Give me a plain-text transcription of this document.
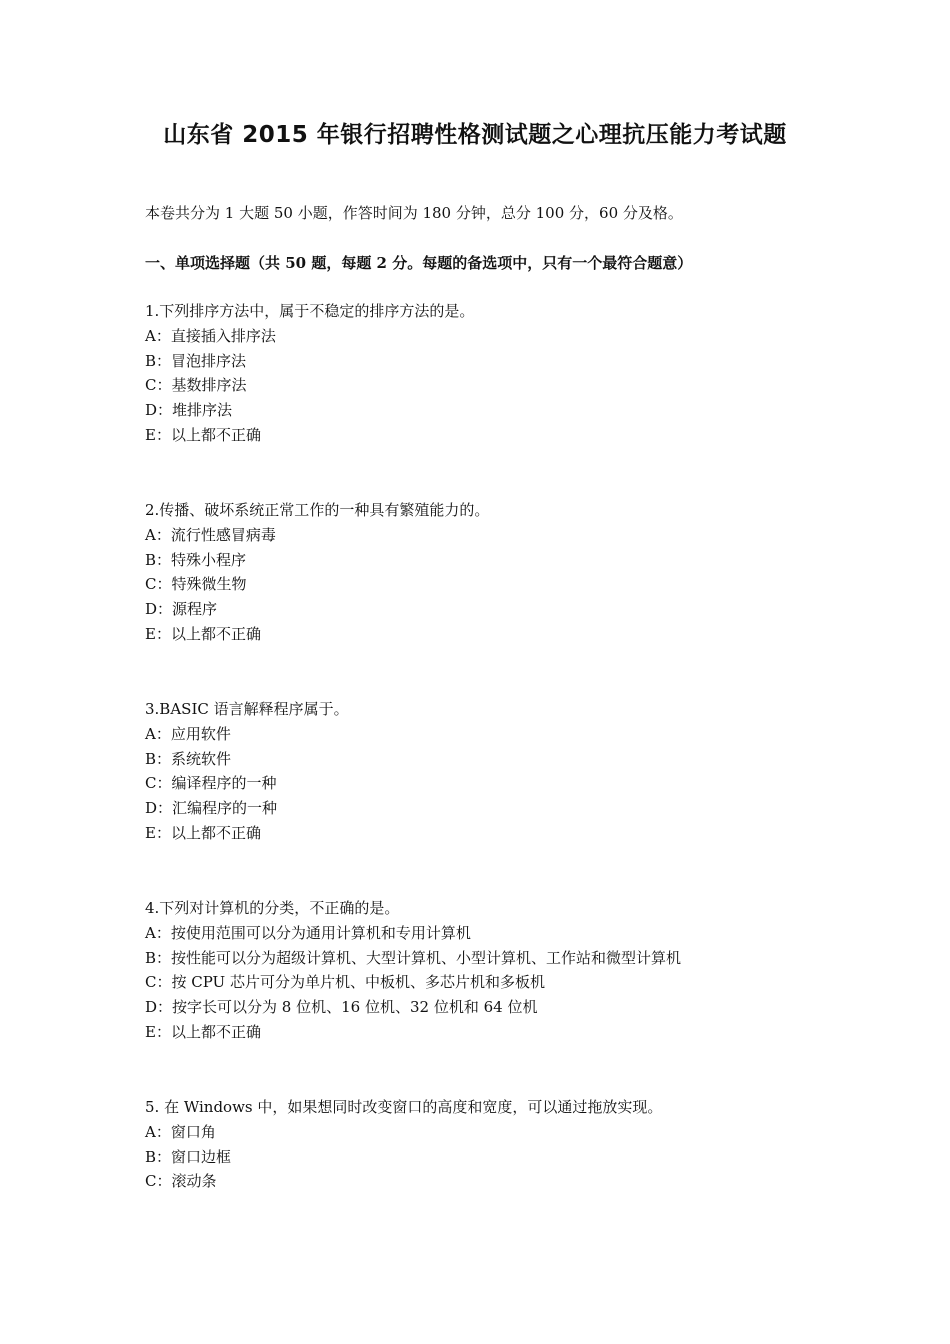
山东省 2015 年银行招聘性格测试题之心理抗压能力考试题
本卷共分为 1 大题 50 小题，作答时间为 180 分钟，总分 100 分，60 分及格。
一、单项选择题（共 50 题，每题 2 分。每题的备选项中，只有一个最符合题意）
1.下列排序方法中，属于不稳定的排序方法的是。
A：直接插入排序法
B：冒泡排序法
C：基数排序法
D：堆排序法
E：以上都不正确
2.传播、破坏系统正常工作的一种具有繁殖能力的。
A：流行性感冒病毒
B：特殊小程序
C：特殊微生物
D：源程序
E：以上都不正确
3.BASIC 语言解释程序属于。
A：应用软件
B：系统软件
C：编译程序的一种
D：汇编程序的一种
E：以上都不正确
4.下列对计算机的分类，不正确的是。
A：按使用范围可以分为通用计算机和专用计算机
B：按性能可以分为超级计算机、大型计算机、小型计算机、工作站和微型计算机
C：按 CPU 芯片可分为单片机、中板机、多芯片机和多板机
D：按字长可以分为 8 位机、16 位机、32 位机和 64 位机
E：以上都不正确
5. 在 Windows 中，如果想同时改变窗口的高度和宽度，可以通过拖放实现。
A：窗口角
B：窗口边框
C：滚动条
